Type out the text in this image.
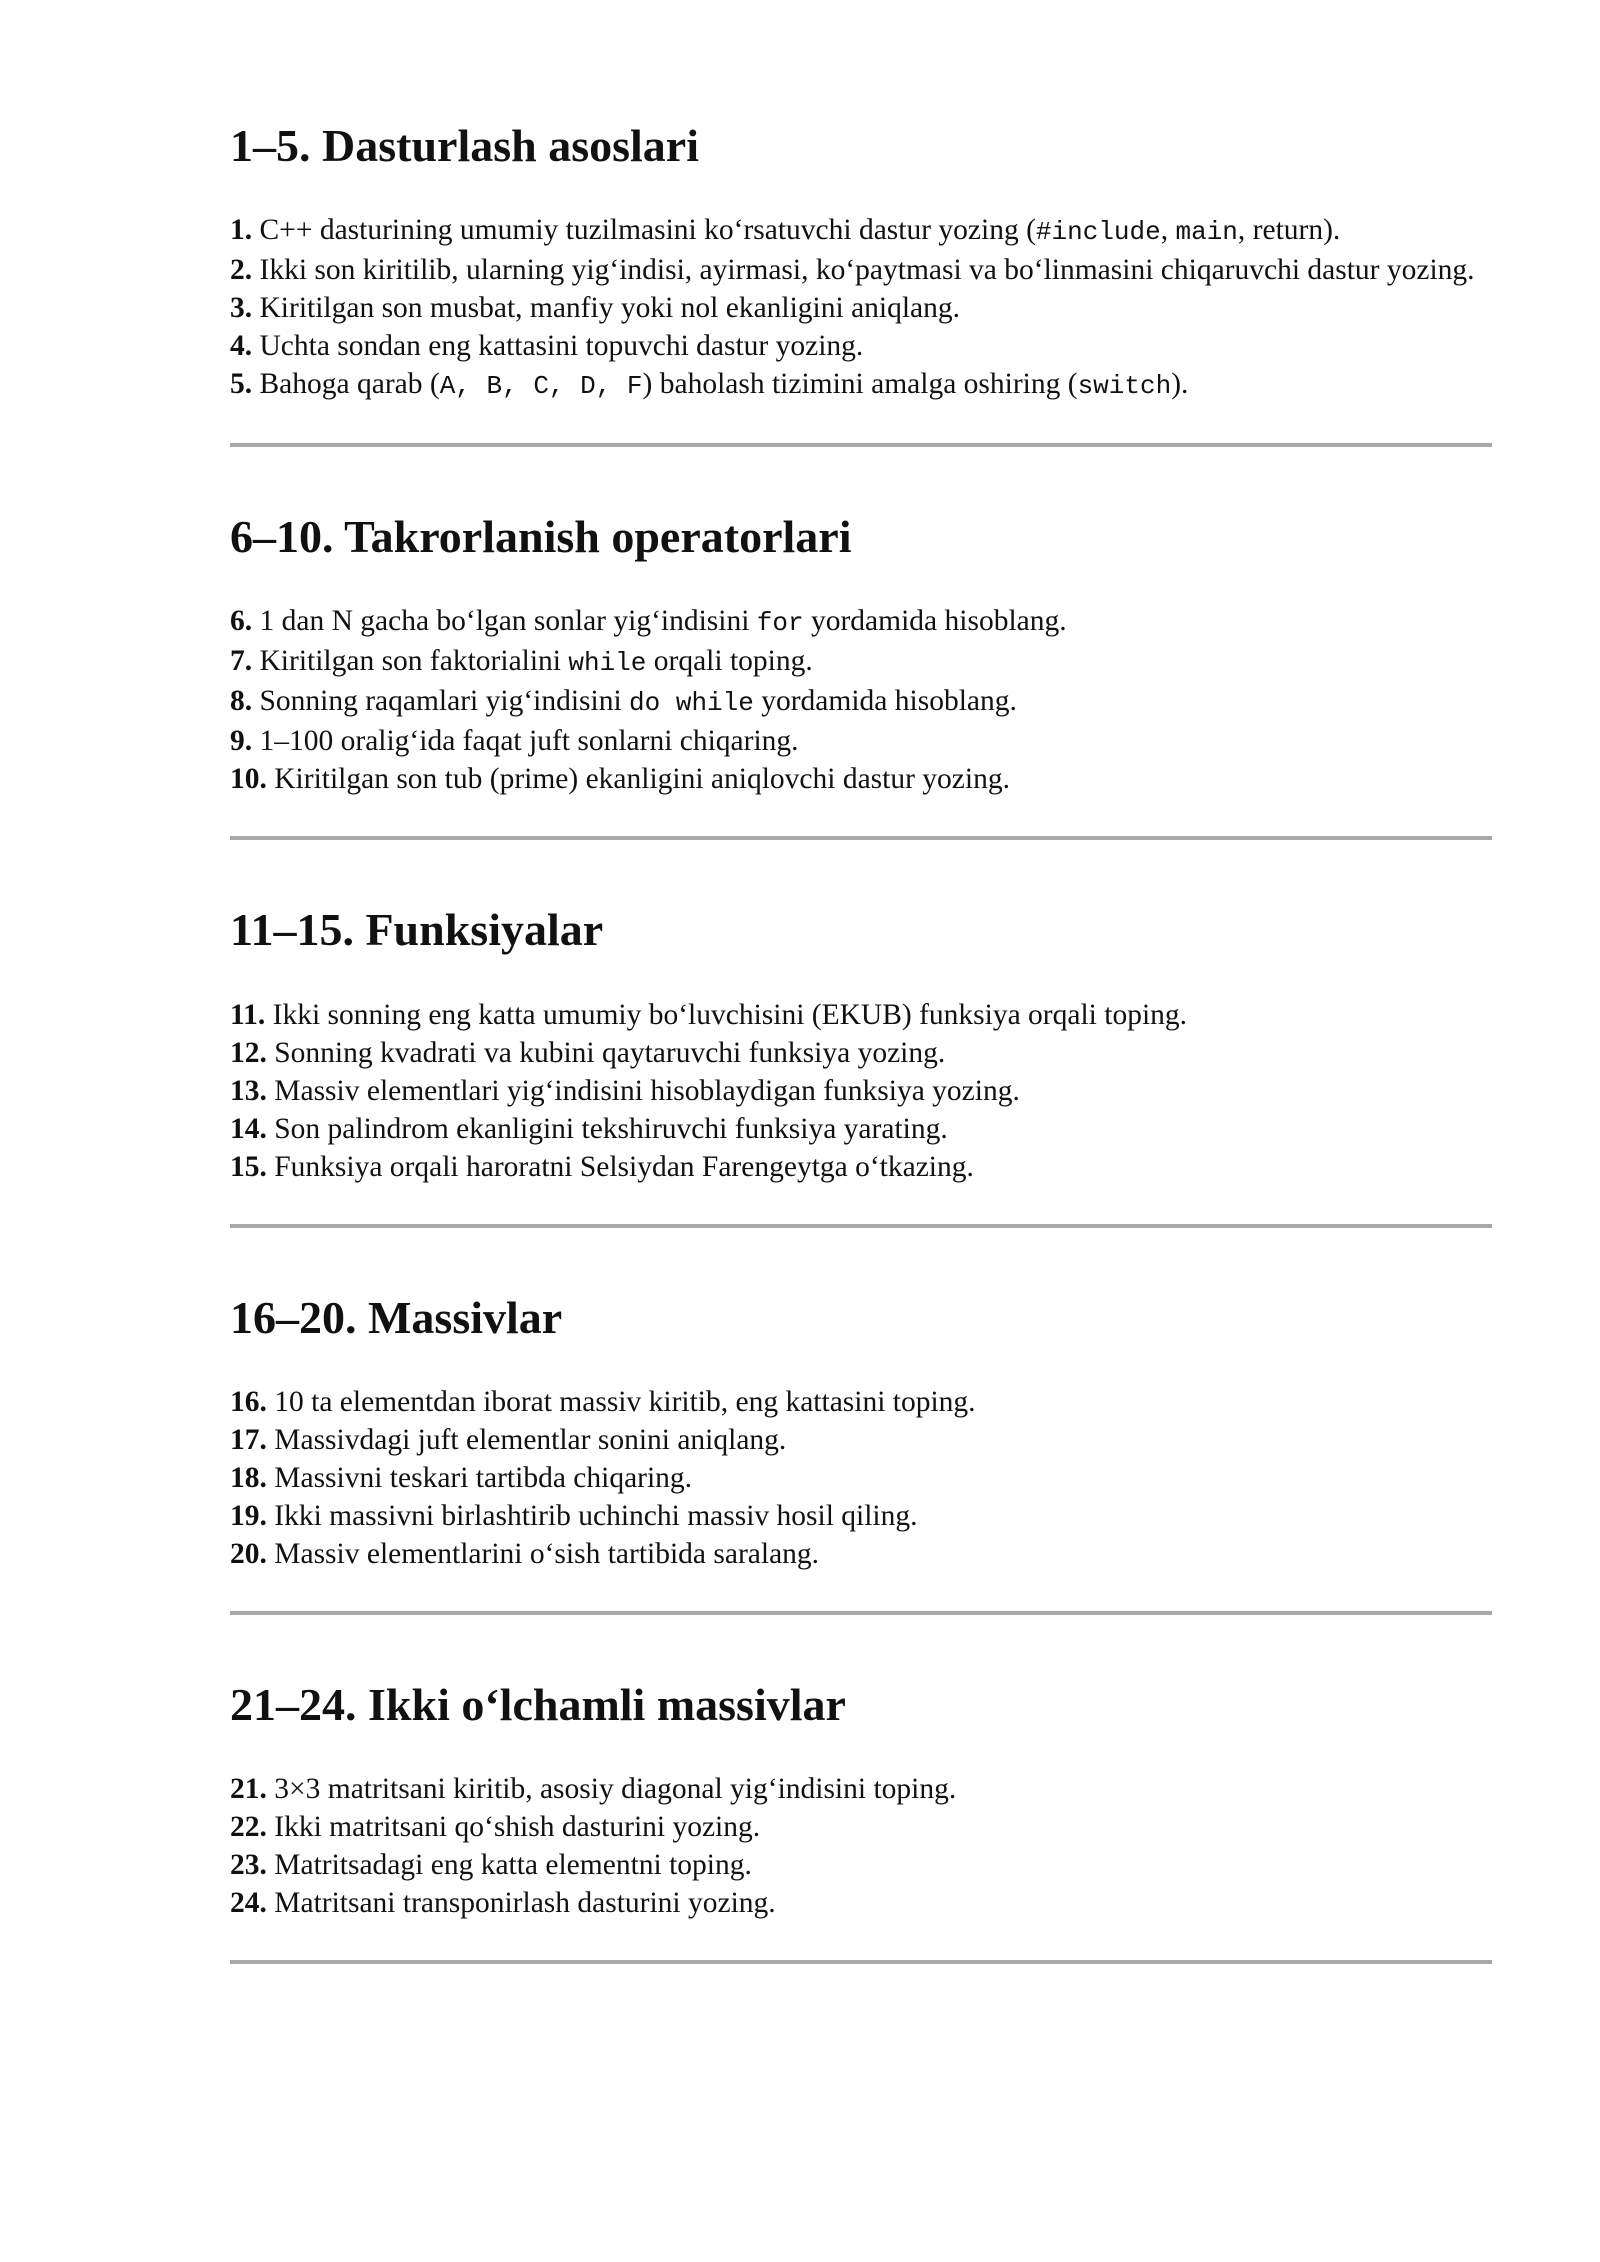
1–5. Dasturlash asoslari
1. C++ dasturining umumiy tuzilmasini ko‘rsatuvchi dastur yozing (#include, main, return).
2. Ikki son kiritilib, ularning yig‘indisi, ayirmasi, ko‘paytmasi va bo‘linmasini chiqaruvchi dastur yozing.
3. Kiritilgan son musbat, manfiy yoki nol ekanligini aniqlang.
4. Uchta sondan eng kattasini topuvchi dastur yozing.
5. Bahoga qarab (A, B, C, D, F) baholash tizimini amalga oshiring (switch).
6–10. Takrorlanish operatorlari
6. 1 dan N gacha bo‘lgan sonlar yig‘indisini for yordamida hisoblang.
7. Kiritilgan son faktorialini while orqali toping.
8. Sonning raqamlari yig‘indisini do while yordamida hisoblang.
9. 1–100 oralig‘ida faqat juft sonlarni chiqaring.
10. Kiritilgan son tub (prime) ekanligini aniqlovchi dastur yozing.
11–15. Funksiyalar
11. Ikki sonning eng katta umumiy bo‘luvchisini (EKUB) funksiya orqali toping.
12. Sonning kvadrati va kubini qaytaruvchi funksiya yozing.
13. Massiv elementlari yig‘indisini hisoblaydigan funksiya yozing.
14. Son palindrom ekanligini tekshiruvchi funksiya yarating.
15. Funksiya orqali haroratni Selsiydan Farengeytga o‘tkazing.
16–20. Massivlar
16. 10 ta elementdan iborat massiv kiritib, eng kattasini toping.
17. Massivdagi juft elementlar sonini aniqlang.
18. Massivni teskari tartibda chiqaring.
19. Ikki massivni birlashtirib uchinchi massiv hosil qiling.
20. Massiv elementlarini o‘sish tartibida saralang.
21–24. Ikki o‘lchamli massivlar
21. 3×3 matritsani kiritib, asosiy diagonal yig‘indisini toping.
22. Ikki matritsani qo‘shish dasturini yozing.
23. Matritsadagi eng katta elementni toping.
24. Matritsani transponirlash dasturini yozing.
